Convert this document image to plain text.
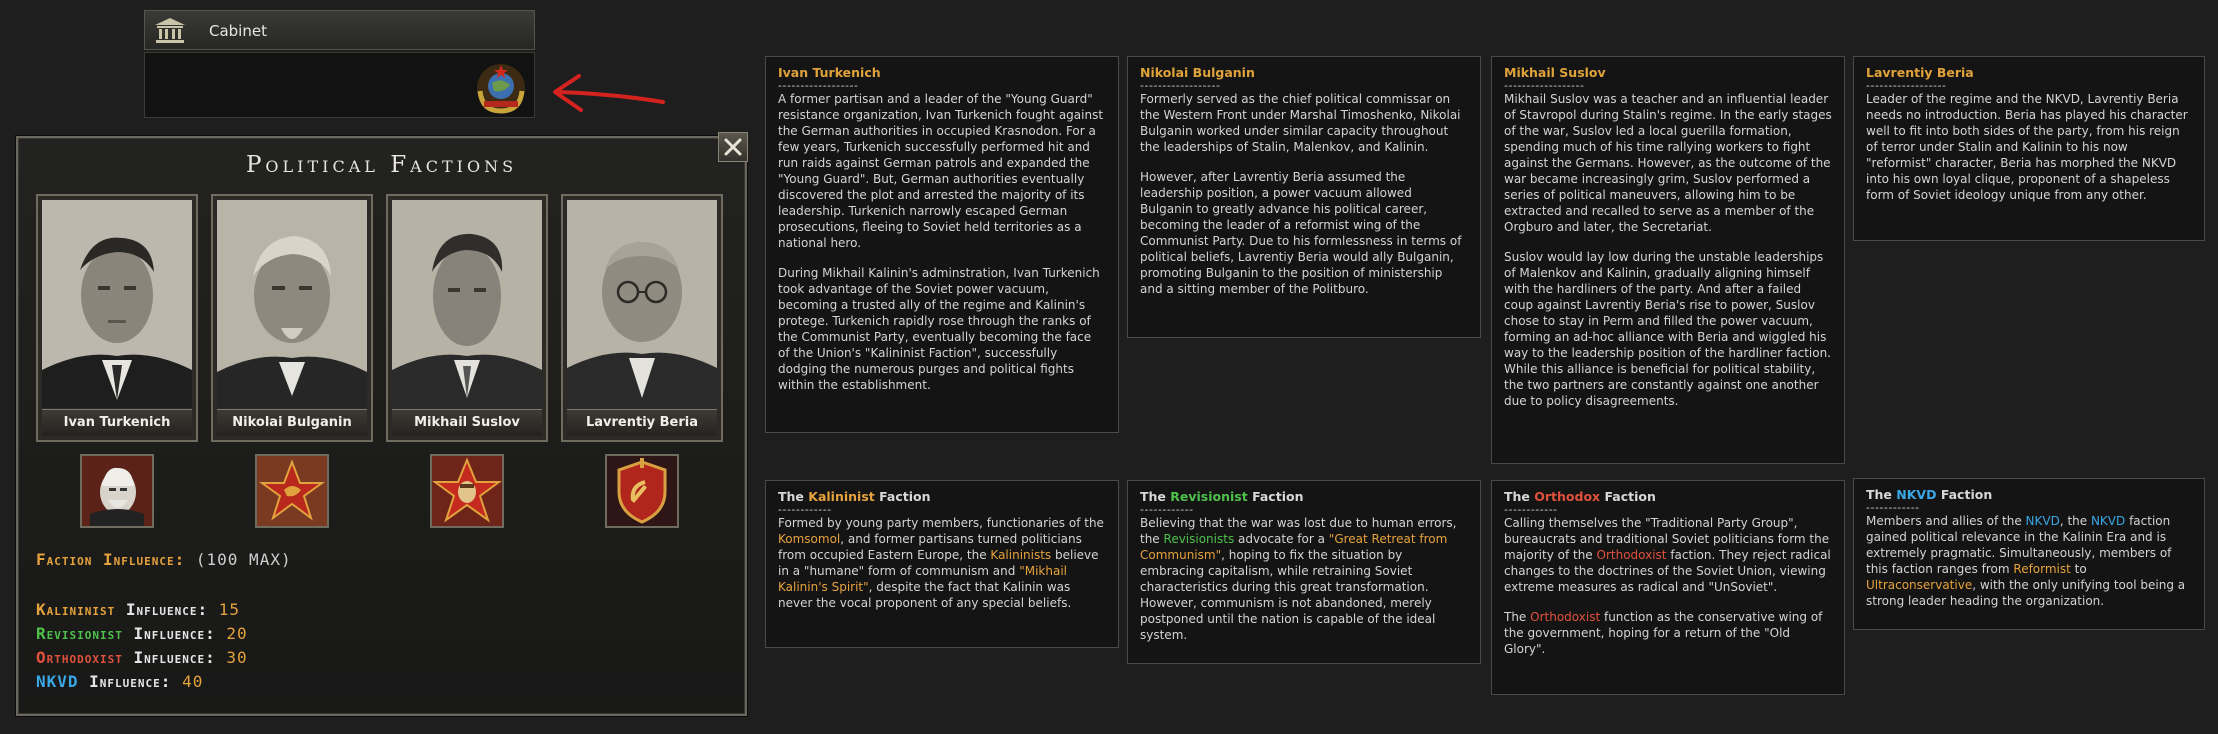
Cabinet
Political Factions
Ivan Turkenich	Nikolai Bulganin	Mikhail Suslov	Lavrentiy Beria
Faction Influence: (100 MAX)
Kalininist Influence: 15
Revisionist Influence: 20
Orthodoxist Influence: 30
NKVD Influence: 40
Ivan Turkenich
------------------

A former partisan and a leader of the "Young Guard" resistance organization, Ivan Turkenich fought against the German authorities in occupied Krasnodon. For a few years, Turkenich successfully performed hit and run raids against German patrols and expanded the "Young Guard". But, German authorities eventually discovered the plot and arrested the majority of its leadership. Turkenich narrowly escaped German prosecutions, fleeing to Soviet held territories as a national hero.

During Mikhail Kalinin's adminstration, Ivan Turkenich took advantage of the Soviet power vacuum, becoming a trusted ally of the regime and Kalinin's protege. Turkenich rapidly rose through the ranks of the Communist Party, eventually becoming the face of the Union's "Kalininist Faction", successfully dodging the numerous purges and political fights within the establishment.

Nikolai Bulganin
------------------

Formerly served as the chief political commissar on the Western Front under Marshal Timoshenko, Nikolai Bulganin worked under similar capacity throughout the leaderships of Stalin, Malenkov, and Kalinin.

However, after Lavrentiy Beria assumed the leadership position, a power vacuum allowed Bulganin to greatly advance his political career, becoming the leader of a reformist wing of the Communist Party. Due to his formlessness in terms of political beliefs, Lavrentiy Beria would ally Bulganin, promoting Bulganin to the position of ministership and a sitting member of the Politburo.

Mikhail Suslov
------------------

Mikhail Suslov was a teacher and an influential leader of Stavropol during Stalin's regime. In the early stages of the war, Suslov led a local guerilla formation, spending much of his time rallying workers to fight against the Germans. However, as the outcome of the war became increasingly grim, Suslov performed a series of political maneuvers, allowing him to be extracted and recalled to serve as a member of the Orgburo and later, the Secretariat.

Suslov would lay low during the unstable leaderships of Malenkov and Kalinin, gradually aligning himself with the hardliners of the party. And after a failed coup against Lavrentiy Beria's rise to power, Suslov chose to stay in Perm and filled the power vacuum, forming an ad-hoc alliance with Beria and wiggled his way to the leadership position of the hardliner faction. While this alliance is beneficial for political stability, the two partners are constantly against one another due to policy disagreements.

Lavrentiy Beria
------------------

Leader of the regime and the NKVD, Lavrentiy Beria needs no introduction. Beria has played his character well to fit into both sides of the party, from his reign of terror under Stalin and Kalinin to his now "reformist" character, Beria has morphed the NKVD into his own loyal clique, proponent of a shapeless form of Soviet ideology unique from any other.

The Kalininist Faction
------------

Formed by young party members, functionaries of the Komsomol, and former partisans turned politicians from occupied Eastern Europe, the Kalininists believe in a "humane" form of communism and "Mikhail Kalinin's Spirit", despite the fact that Kalinin was never the vocal proponent of any special beliefs.

The Revisionist Faction
------------

Believing that the war was lost due to human errors, the Revisionists advocate for a "Great Retreat from Communism", hoping to fix the situation by embracing capitalism, while retraining Soviet characteristics during this great transformation. However, communism is not abandoned, merely postponed until the nation is capable of the ideal system.

The Orthodox Faction
------------

Calling themselves the "Traditional Party Group", bureaucrats and traditional Soviet politicians form the majority of the Orthodoxist faction. They reject radical changes to the doctrines of the Soviet Union, viewing extreme measures as radical and "UnSoviet".

The Orthodoxist function as the conservative wing of the government, hoping for a return of the "Old Glory".

The NKVD Faction
------------

Members and allies of the NKVD, the NKVD faction gained political relevance in the Kalinin Era and is extremely pragmatic. Simultaneously, members of this faction ranges from Reformist to Ultraconservative, with the only unifying tool being a strong leader heading the organization.
